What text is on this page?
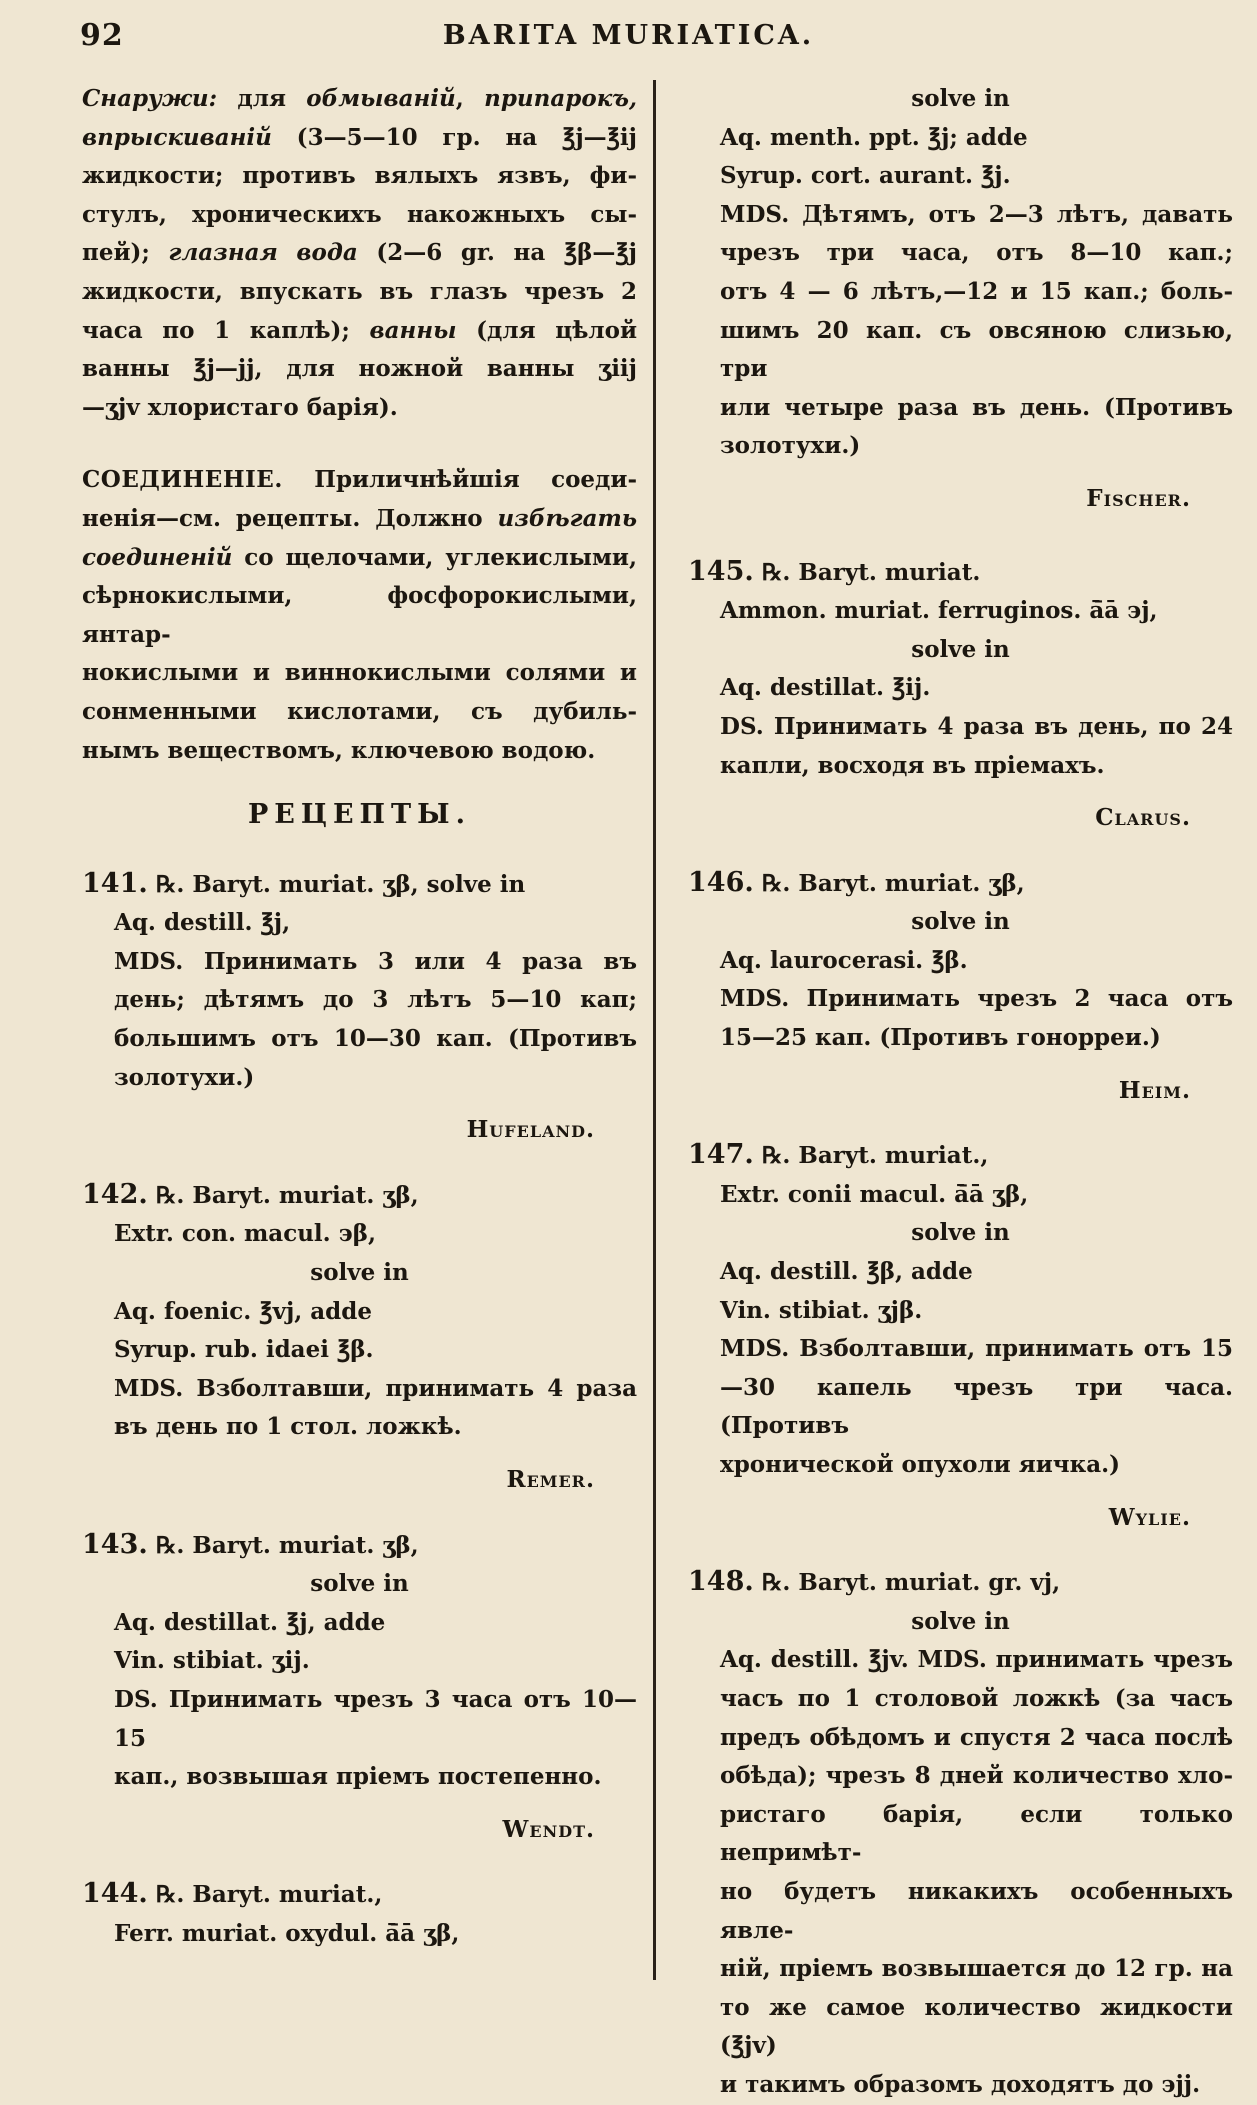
92	BARITA MURIATICA.
Снаружи: для обмыванiй, припарокъ,
впрыскиванiй (3—5—10 гр. на ℥j—℥ij
жидкости; противъ вялыхъ язвъ, фи-
стулъ, хроническихъ накожныхъ сы-
пей); глазная вода (2—6 gr. на ℥β—℥j
жидкости, впускать въ глазъ чрезъ 2
часа по 1 каплѣ); ванны (для цѣлой
ванны ℥j—jj, для ножной ванны ʒiij
—ʒjv хлористаго барiя).
СОЕДИНЕНIЕ. Приличнѣйшiя соеди-
ненiя—см. рецепты. Должно избѣгать
соединенiй со щелочами, углекислыми,
сѣрнокислыми, фосфорокислыми, янтар-
нокислыми и виннокислыми солями и
сонменными кислотами, съ дубиль-
нымъ веществомъ, ключевою водою.
РЕЦЕПТЫ.
141. ℞. Baryt. muriat. ʒβ, solve in
Aq. destill. ℥j,
MDS. Принимать 3 или 4 раза въ
день; дѣтямъ до 3 лѣтъ 5—10 кап;
большимъ отъ 10—30 кап. (Противъ
золотухи.)
Hufeland.
142. ℞. Baryt. muriat. ʒβ,
Extr. con. macul. ϶β,
solve in
Aq. foenic. ℥vj, adde
Syrup. rub. idaei ℥β.
MDS. Взболтавши, принимать 4 раза
въ день по 1 стол. ложкѣ.
Remer.
143. ℞. Baryt. muriat. ʒβ,
solve in
Aq. destillat. ℥j, adde
Vin. stibiat. ʒij.
DS. Принимать чрезъ 3 часа отъ 10—15
кап., возвышая прiемъ постепенно.
Wendt.
144. ℞. Baryt. muriat.,
Ferr. muriat. oxydul. ā̄ā ʒβ,
solve in
Aq. menth. ppt. ℥j; adde
Syrup. cort. aurant. ℥j.
MDS. Дѣтямъ, отъ 2—3 лѣтъ, давать
чрезъ три часа, отъ 8—10 кап.;
отъ 4 — 6 лѣтъ,—12 и 15 кап.; боль-
шимъ 20 кап. съ овсяною слизью, три
или четыре раза въ день. (Противъ
золотухи.)
Fischer.
145. ℞. Baryt. muriat.
Ammon. muriat. ferruginos. ā̄ā ϶j,
solve in
Aq. destillat. ℥ij.
DS. Принимать 4 раза въ день, по 24
капли, восходя въ прiемахъ.
Clarus.
146. ℞. Baryt. muriat. ʒβ,
solve in
Aq. laurocerasi. ℥β.
MDS. Принимать чрезъ 2 часа отъ
15—25 кап. (Противъ гонорреи.)
Heim.
147. ℞. Baryt. muriat.,
Extr. conii macul. ā̄ā ʒβ,
solve in
Aq. destill. ℥β, adde
Vin. stibiat. ʒjβ.
MDS. Взболтавши, принимать отъ 15
—30 капель чрезъ три часа. (Противъ
хронической опухоли яичка.)
Wylie.
148. ℞. Baryt. muriat. gr. vj,
solve in
Aq. destill. ℥jv. MDS. принимать чрезъ
часъ по 1 столовой ложкѣ (за часъ
предъ обѣдомъ и спустя 2 часа послѣ
обѣда); чрезъ 8 дней количество хло-
ристаго барiя, если только непримѣт-
но будетъ никакихъ особенныхъ явле-
нiй, прiемъ возвышается до 12 гр. на
то же самое количество жидкости (℥jv)
и такимъ образомъ доходятъ до ϶jj.
